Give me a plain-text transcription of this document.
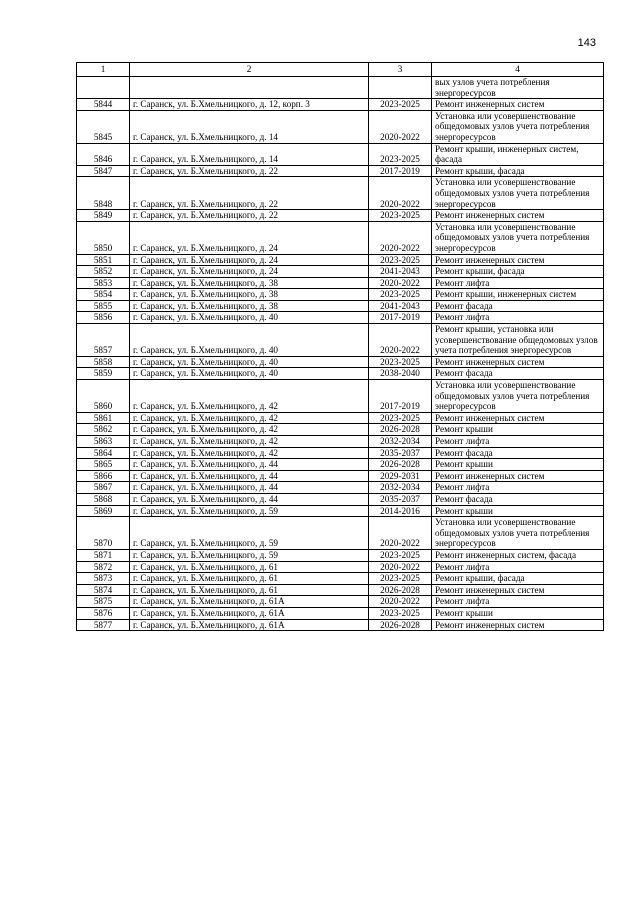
143
1	2	3	4
			вых узлов учета потребления энергоресурсов
5844	г. Саранск, ул. Б.Хмельницкого, д. 12, корп. 3	2023-2025	Ремонт инженерных систем
5845	г. Саранск, ул. Б.Хмельницкого, д. 14	2020-2022	Установка или усовершенствование общедомовых узлов учета потребления энергоресурсов
5846	г. Саранск, ул. Б.Хмельницкого, д. 14	2023-2025	Ремонт крыши, инженерных систем, фасада
5847	г. Саранск, ул. Б.Хмельницкого, д. 22	2017-2019	Ремонт крыши, фасада
5848	г. Саранск, ул. Б.Хмельницкого, д. 22	2020-2022	Установка или усовершенствование общедомовых узлов учета потребления энергоресурсов
5849	г. Саранск, ул. Б.Хмельницкого, д. 22	2023-2025	Ремонт инженерных систем
5850	г. Саранск, ул. Б.Хмельницкого, д. 24	2020-2022	Установка или усовершенствование общедомовых узлов учета потребления энергоресурсов
5851	г. Саранск, ул. Б.Хмельницкого, д. 24	2023-2025	Ремонт инженерных систем
5852	г. Саранск, ул. Б.Хмельницкого, д. 24	2041-2043	Ремонт крыши, фасада
5853	г. Саранск, ул. Б.Хмельницкого, д. 38	2020-2022	Ремонт лифта
5854	г. Саранск, ул. Б.Хмельницкого, д. 38	2023-2025	Ремонт крыши, инженерных систем
5855	г. Саранск, ул. Б.Хмельницкого, д. 38	2041-2043	Ремонт фасада
5856	г. Саранск, ул. Б.Хмельницкого, д. 40	2017-2019	Ремонт лифта
5857	г. Саранск, ул. Б.Хмельницкого, д. 40	2020-2022	Ремонт крыши, установка или усовершенствование общедомовых узлов учета потребления энергоресурсов
5858	г. Саранск, ул. Б.Хмельницкого, д. 40	2023-2025	Ремонт инженерных систем
5859	г. Саранск, ул. Б.Хмельницкого, д. 40	2038-2040	Ремонт фасада
5860	г. Саранск, ул. Б.Хмельницкого, д. 42	2017-2019	Установка или усовершенствование общедомовых узлов учета потребления энергоресурсов
5861	г. Саранск, ул. Б.Хмельницкого, д. 42	2023-2025	Ремонт инженерных систем
5862	г. Саранск, ул. Б.Хмельницкого, д. 42	2026-2028	Ремонт крыши
5863	г. Саранск, ул. Б.Хмельницкого, д. 42	2032-2034	Ремонт лифта
5864	г. Саранск, ул. Б.Хмельницкого, д. 42	2035-2037	Ремонт фасада
5865	г. Саранск, ул. Б.Хмельницкого, д. 44	2026-2028	Ремонт крыши
5866	г. Саранск, ул. Б.Хмельницкого, д. 44	2029-2031	Ремонт инженерных систем
5867	г. Саранск, ул. Б.Хмельницкого, д. 44	2032-2034	Ремонт лифта
5868	г. Саранск, ул. Б.Хмельницкого, д. 44	2035-2037	Ремонт фасада
5869	г. Саранск, ул. Б.Хмельницкого, д. 59	2014-2016	Ремонт крыши
5870	г. Саранск, ул. Б.Хмельницкого, д. 59	2020-2022	Установка или усовершенствование общедомовых узлов учета потребления энергоресурсов
5871	г. Саранск, ул. Б.Хмельницкого, д. 59	2023-2025	Ремонт инженерных систем, фасада
5872	г. Саранск, ул. Б.Хмельницкого, д. 61	2020-2022	Ремонт лифта
5873	г. Саранск, ул. Б.Хмельницкого, д. 61	2023-2025	Ремонт крыши, фасада
5874	г. Саранск, ул. Б.Хмельницкого, д. 61	2026-2028	Ремонт инженерных систем
5875	г. Саранск, ул. Б.Хмельницкого, д. 61А	2020-2022	Ремонт лифта
5876	г. Саранск, ул. Б.Хмельницкого, д. 61А	2023-2025	Ремонт крыши
5877	г. Саранск, ул. Б.Хмельницкого, д. 61А	2026-2028	Ремонт инженерных систем
